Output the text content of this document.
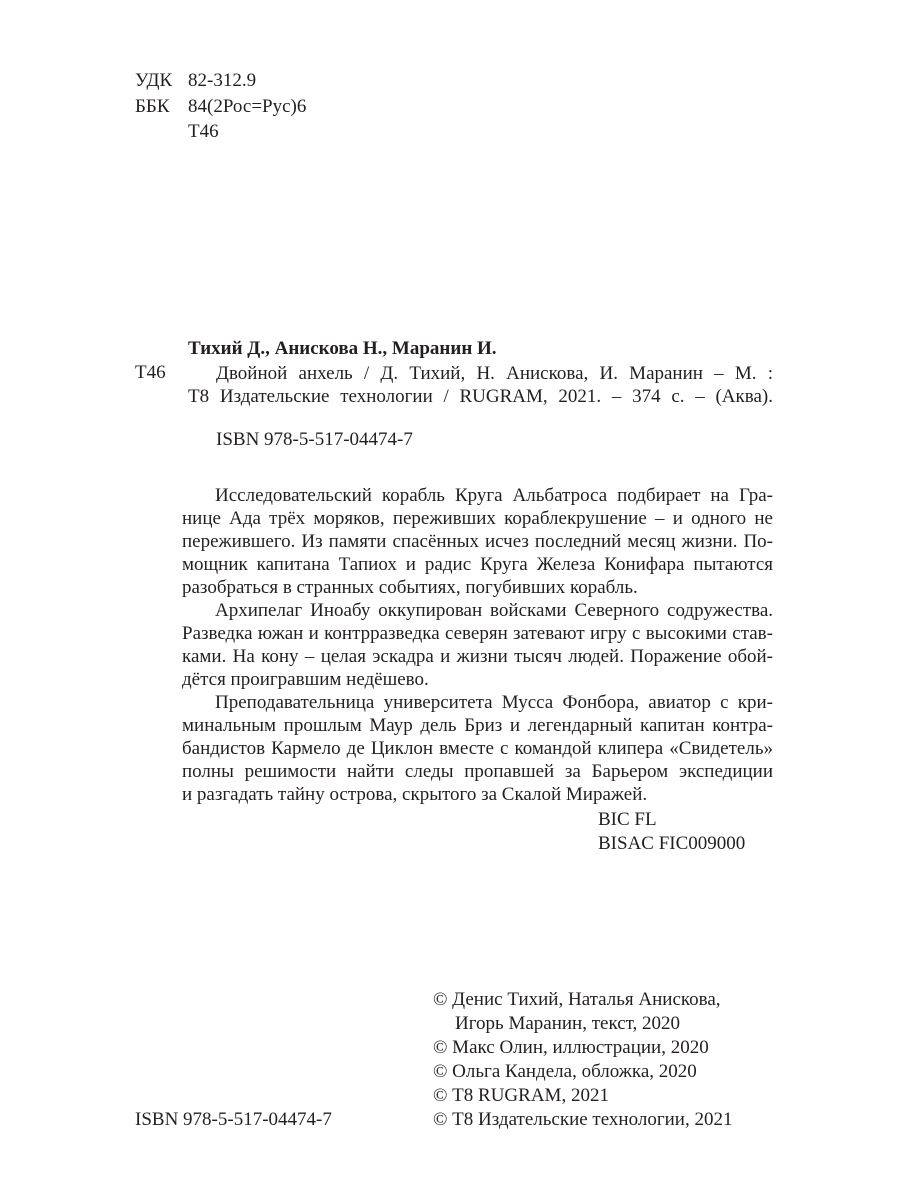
УДК 82-312.9
ББК 84(2Рос=Рус)6
Т46
Тихий Д., Анискова Н., Маранин И.
Т46	Двойной анхель / Д. Тихий, Н. Анискова, И. Маранин – М. :
Т8 Издательские технологии / RUGRAM, 2021. – 374 с. – (Аква).
ISBN 978-5-517-04474-7
Исследовательский корабль Круга Альбатроса подбирает на Гра-
нице Ада трёх моряков, переживших кораблекрушение – и одного не
пережившего. Из памяти спасённых исчез последний месяц жизни. По-
мощник капитана Тапиох и радис Круга Железа Конифара пытаются
разобраться в странных событиях, погубивших корабль.
Архипелаг Иноабу оккупирован войсками Северного содружества.
Разведка южан и контрразведка северян затевают игру с высокими став-
ками. На кону – целая эскадра и жизни тысяч людей. Поражение обой-
дётся проигравшим недёшево.
Преподавательница университета Мусса Фонбора, авиатор с кри-
минальным прошлым Маур дель Бриз и легендарный капитан контра-
бандистов Кармело де Циклон вместе с командой клипера «Свидетель»
полны решимости найти следы пропавшей за Барьером экспедиции
и разгадать тайну острова, скрытого за Скалой Миражей.
BIC FL
BISAC FIC009000
© Денис Тихий, Наталья Анискова,
Игорь Маранин, текст, 2020
© Макс Олин, иллюстрации, 2020
© Ольга Кандела, обложка, 2020
© Т8 RUGRAM, 2021
© Т8 Издательские технологии, 2021
ISBN 978-5-517-04474-7
